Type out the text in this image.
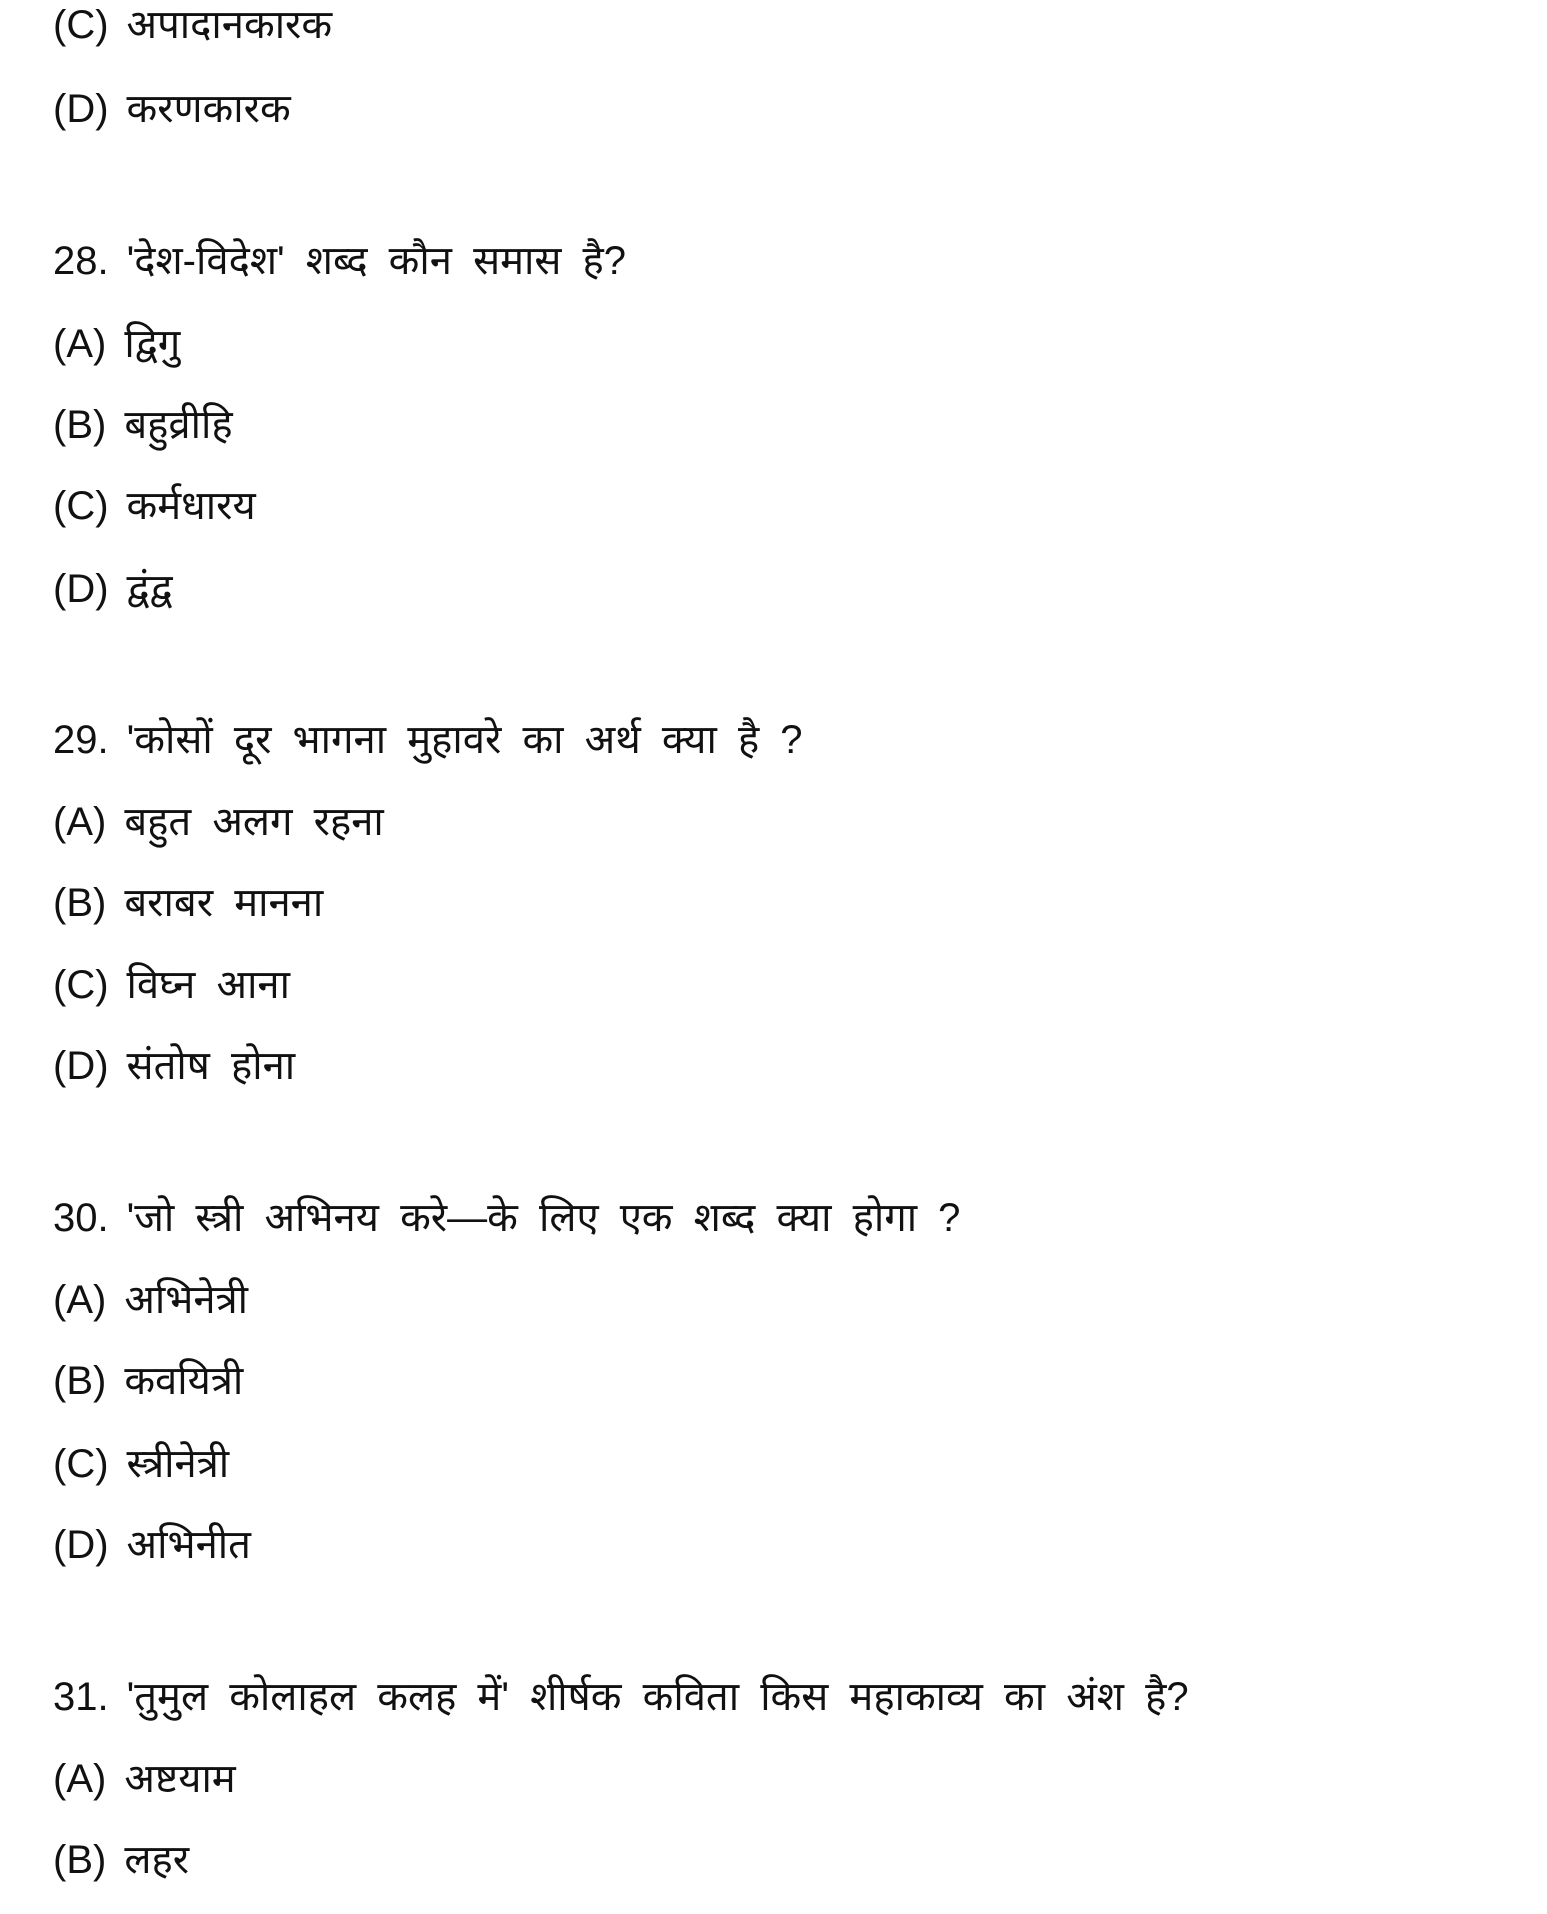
(C) अपादानकारक
(D) करणकारक
28. 'देश-विदेश' शब्द कौन समास है?
(A) द्विगु
(B) बहुव्रीहि
(C) कर्मधारय
(D) द्वंद्व
29. 'कोसों दूर भागना मुहावरे का अर्थ क्या है ?
(A) बहुत अलग रहना
(B) बराबर मानना
(C) विघ्न आना
(D) संतोष होना
30. 'जो स्त्री अभिनय करे—के लिए एक शब्द क्या होगा ?
(A) अभिनेत्री
(B) कवयित्री
(C) स्त्रीनेत्री
(D) अभिनीत
31. 'तुमुल कोलाहल कलह में' शीर्षक कविता किस महाकाव्य का अंश है?
(A) अष्टयाम
(B) लहर
